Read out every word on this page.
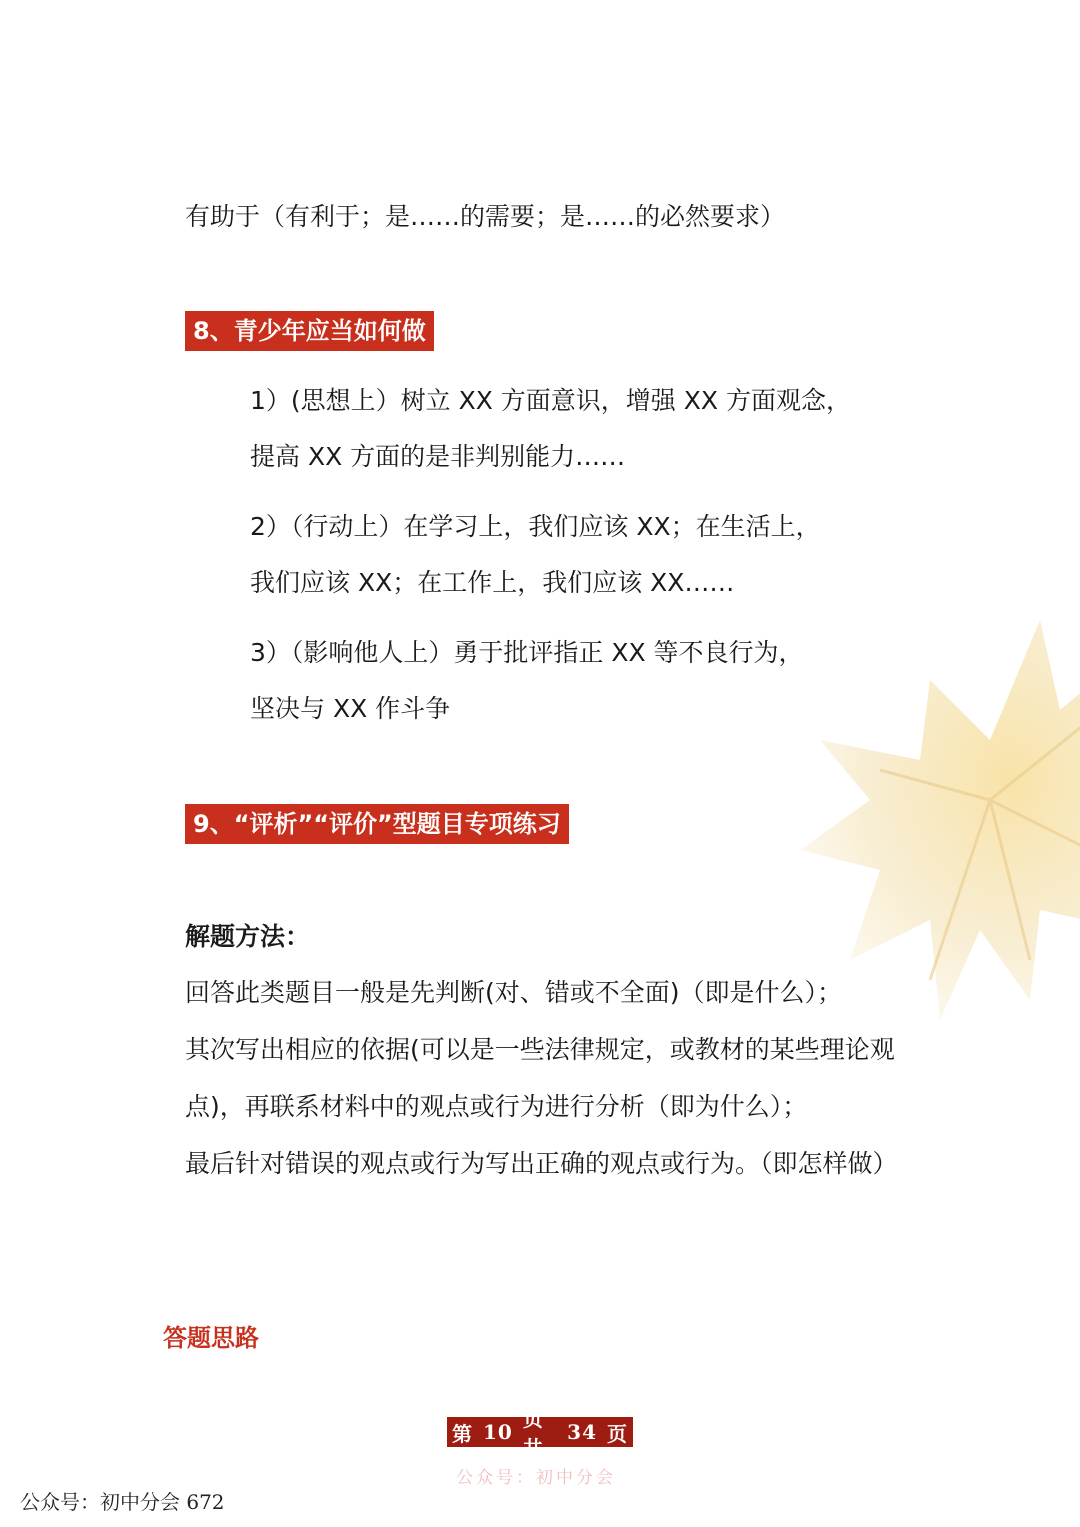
有助于（有利于；是……的需要；是……的必然要求）
8、青少年应当如何做
1）(思想上）树立 XX 方面意识，增强 XX 方面观念，
提高 XX 方面的是非判别能力……
2）（行动上）在学习上，我们应该 XX；在生活上，
我们应该 XX；在工作上，我们应该 XX……
3）（影响他人上）勇于批评指正 XX 等不良行为，
坚决与 XX 作斗争
9、“评析”“评价”型题目专项练习
解题方法：
回答此类题目一般是先判断(对、错或不全面)（即是什么）；
其次写出相应的依据(可以是一些法律规定，或教材的某些理论观
点)，再联系材料中的观点或行为进行分析（即为什么）；
最后针对错误的观点或行为写出正确的观点或行为。（即怎样做）
答题思路
第 10
页 共
34 页
公众号：初中分会
公众号：初中分会 672
